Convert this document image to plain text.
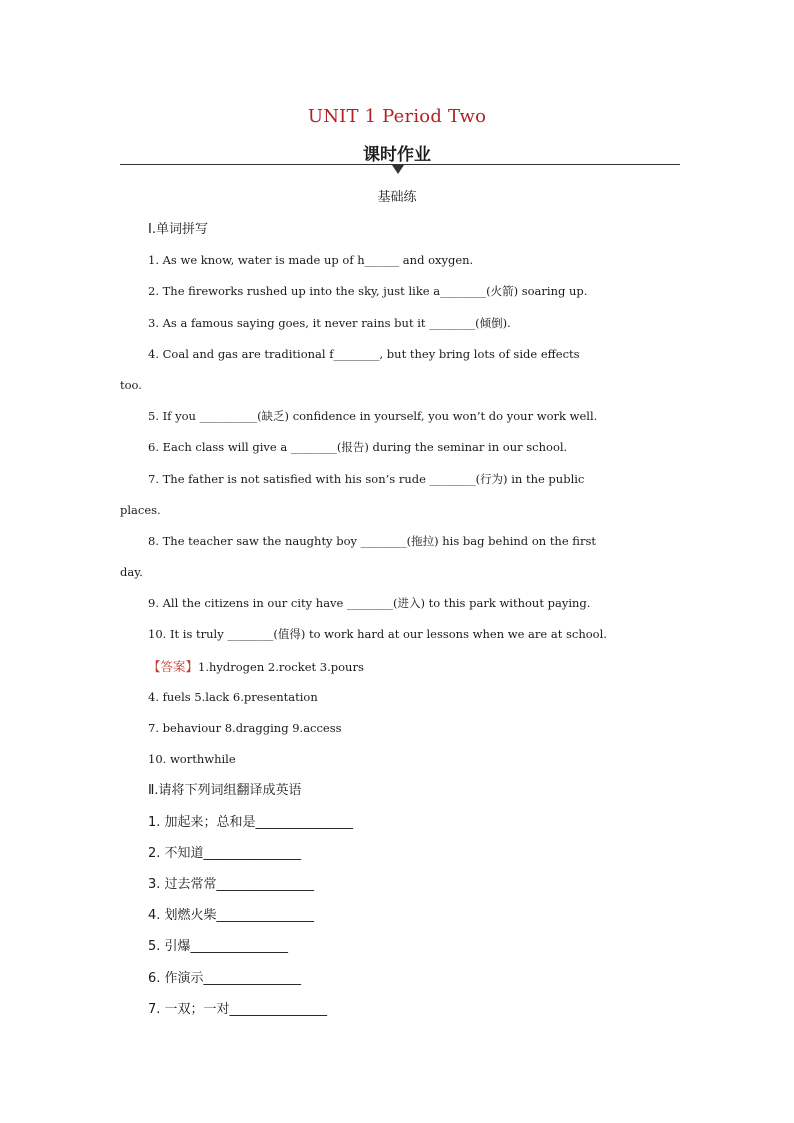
UNIT 1 Period Two
课时作业
基础练
Ⅰ.单词拼写
1. As we know, water is made up of h______ and oxygen.
2. The fireworks rushed up into the sky, just like a________(火箭) soaring up.
3. As a famous saying goes, it never rains but it ________(倾倒).
4. Coal and gas are traditional f________, but they bring lots of side effects
too.
5. If you __________(缺乏) confidence in yourself, you won’t do your work well.
6. Each class will give a ________(报告) during the seminar in our school.
7. The father is not satisfied with his son’s rude ________(行为) in the public
places.
8. The teacher saw the naughty boy ________(拖拉) his bag behind on the first
day.
9. All the citizens in our city have ________(进入) to this park without paying.
10. It is truly ________(值得) to work hard at our lessons when we are at school.
【答案】1.hydrogen 2.rocket 3.pours
4. fuels 5.lack 6.presentation
7. behaviour 8.dragging 9.access
10. worthwhile
Ⅱ.请将下列词组翻译成英语
1. 加起来；总和是_______________
2. 不知道_______________
3. 过去常常_______________
4. 划燃火柴_______________
5. 引爆_______________
6. 作演示_______________
7. 一双；一对_______________
